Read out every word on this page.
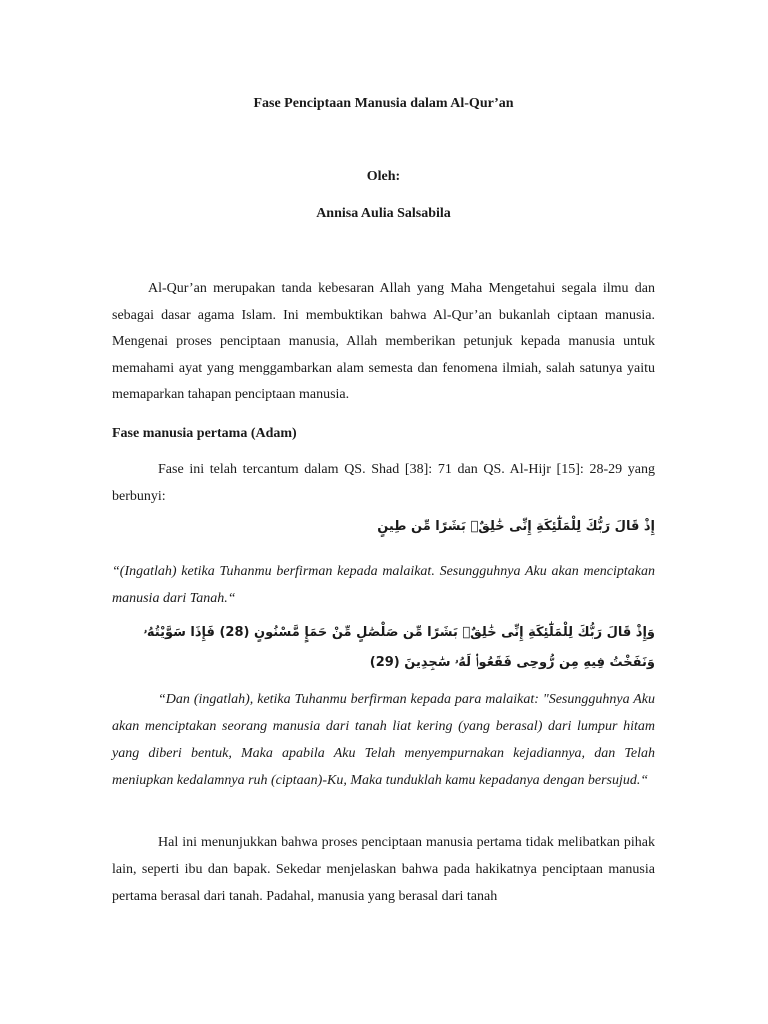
Fase Penciptaan Manusia dalam Al-Qur’an
Oleh:
Annisa Aulia Salsabila

Al-Qur’an merupakan tanda kebesaran Allah yang Maha Mengetahui segala ilmu dan sebagai dasar agama Islam. Ini membuktikan bahwa Al-Qur’an bukanlah ciptaan manusia. Mengenai proses penciptaan manusia, Allah memberikan petunjuk kepada manusia untuk memahami ayat yang menggambarkan alam semesta dan fenomena ilmiah, salah satunya yaitu memaparkan tahapan penciptaan manusia.

Fase manusia pertama (Adam)

Fase ini telah tercantum dalam QS. Shad [38]: 71 dan QS. Al-Hijr [15]: 28-29 yang berbunyi:

إِذْ قَالَ رَبُّكَ لِلْمَلَٰٓئِكَةِ إِنِّى خَٰلِقٌۢ بَشَرًا مِّن طِينٍ

“(Ingatlah) ketika Tuhanmu berfirman kepada malaikat. Sesungguhnya Aku akan menciptakan manusia dari Tanah.“

وَإِذْ قَالَ رَبُّكَ لِلْمَلَٰٓئِكَةِ إِنِّى خَٰلِقٌۢ بَشَرًا مِّن صَلْصَٰلٍ مِّنْ حَمَإٍ مَّسْنُونٍ (28) فَإِذَا سَوَّيْتُهُۥ وَنَفَخْتُ فِيهِ مِن رُّوحِى فَقَعُوا۟ لَهُۥ سَٰجِدِينَ (29)

“Dan (ingatlah), ketika Tuhanmu berfirman kepada para malaikat: "Sesungguhnya Aku akan menciptakan seorang manusia dari tanah liat kering (yang berasal) dari lumpur hitam yang diberi bentuk, Maka apabila Aku Telah menyempurnakan kejadiannya, dan Telah meniupkan kedalamnya ruh (ciptaan)-Ku, Maka tunduklah kamu kepadanya dengan bersujud.“

Hal ini menunjukkan bahwa proses penciptaan manusia pertama tidak melibatkan pihak lain, seperti ibu dan bapak. Sekedar menjelaskan bahwa pada hakikatnya penciptaan manusia pertama berasal dari tanah. Padahal, manusia yang berasal dari tanah
